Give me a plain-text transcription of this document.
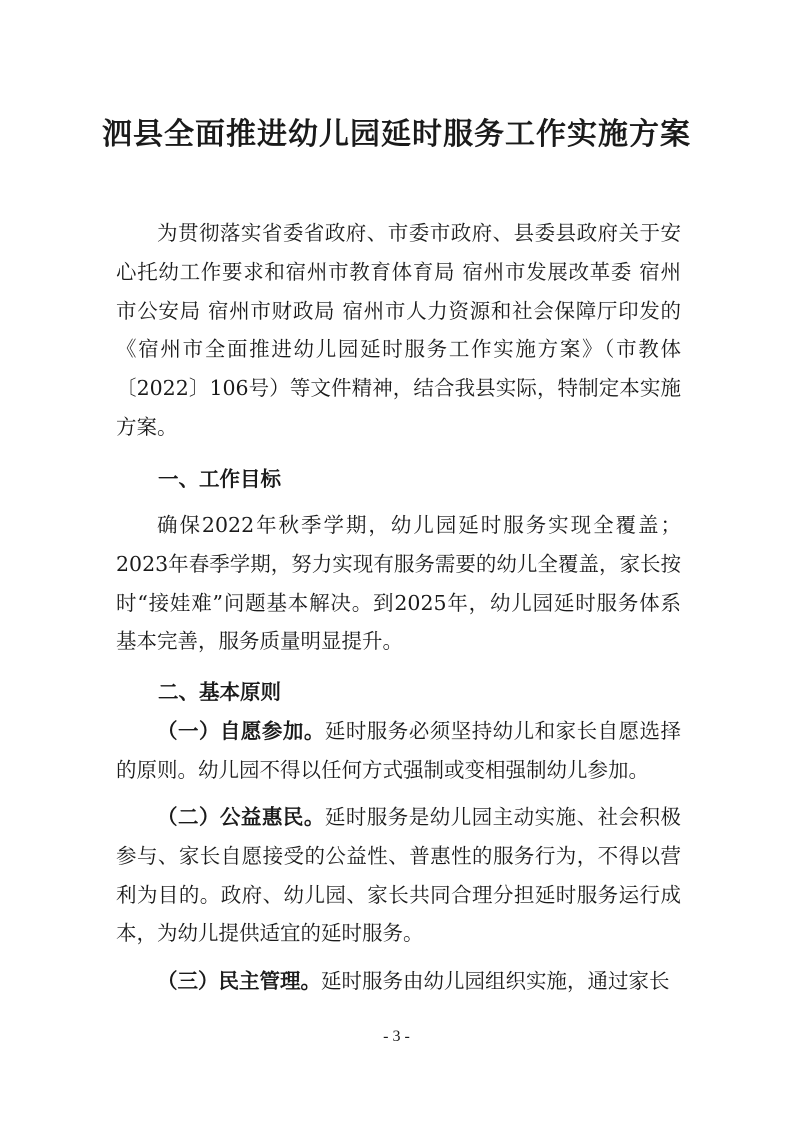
泗县全面推进幼儿园延时服务工作实施方案

为贯彻落实省委省政府、市委市政府、县委县政府关于安心托幼工作要求和宿州市教育体育局 宿州市发展改革委 宿州市公安局 宿州市财政局 宿州市人力资源和社会保障厅印发的《宿州市全面推进幼儿园延时服务工作实施方案》（市教体〔2022〕106号）等文件精神，结合我县实际，特制定本实施方案。

一、工作目标

确保2022年秋季学期，幼儿园延时服务实现全覆盖；2023年春季学期，努力实现有服务需要的幼儿全覆盖，家长按时“接娃难”问题基本解决。到2025年，幼儿园延时服务体系基本完善，服务质量明显提升。

二、基本原则

（一）自愿参加。延时服务必须坚持幼儿和家长自愿选择的原则。幼儿园不得以任何方式强制或变相强制幼儿参加。

（二）公益惠民。延时服务是幼儿园主动实施、社会积极参与、家长自愿接受的公益性、普惠性的服务行为，不得以营利为目的。政府、幼儿园、家长共同合理分担延时服务运行成本，为幼儿提供适宜的延时服务。

（三）民主管理。延时服务由幼儿园组织实施，通过家长

- 3 -
